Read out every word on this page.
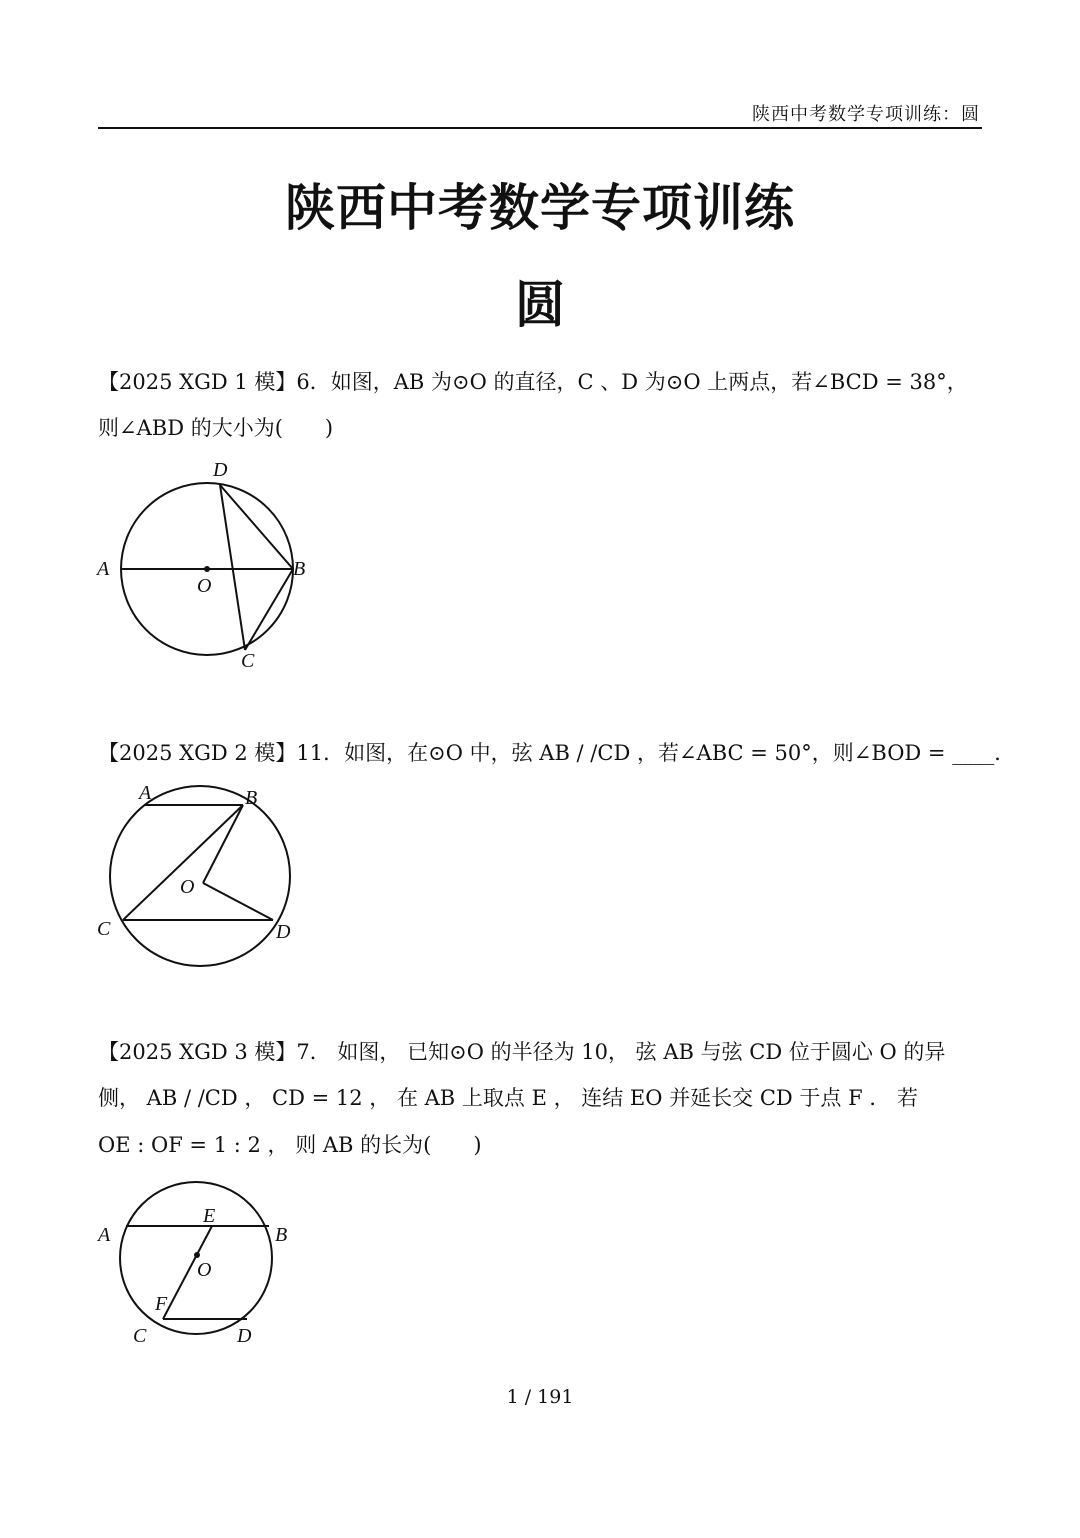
陕西中考数学专项训练：圆
陕西中考数学专项训练
圆
【2025 XGD 1 模】6．如图，AB 为⊙O 的直径，C 、D 为⊙O 上两点，若∠BCD = 38°，
则∠ABD 的大小为(　　)
D
A
O
B
C
【2025 XGD 2 模】11．如图，在⊙O 中，弦 AB / /CD ，若∠ABC = 50°，则∠BOD = ____．
A	B
O
C	D
【2025 XGD 3 模】7． 如图， 已知⊙O 的半径为 10， 弦 AB 与弦 CD 位于圆心 O 的异
侧， AB / /CD ， CD = 12 ， 在 AB 上取点 E ， 连结 EO 并延长交 CD 于点 F ． 若
OE : OF = 1 : 2 ， 则 AB 的长为(　　)
A
E
B
O
F
C	D
1 / 191
